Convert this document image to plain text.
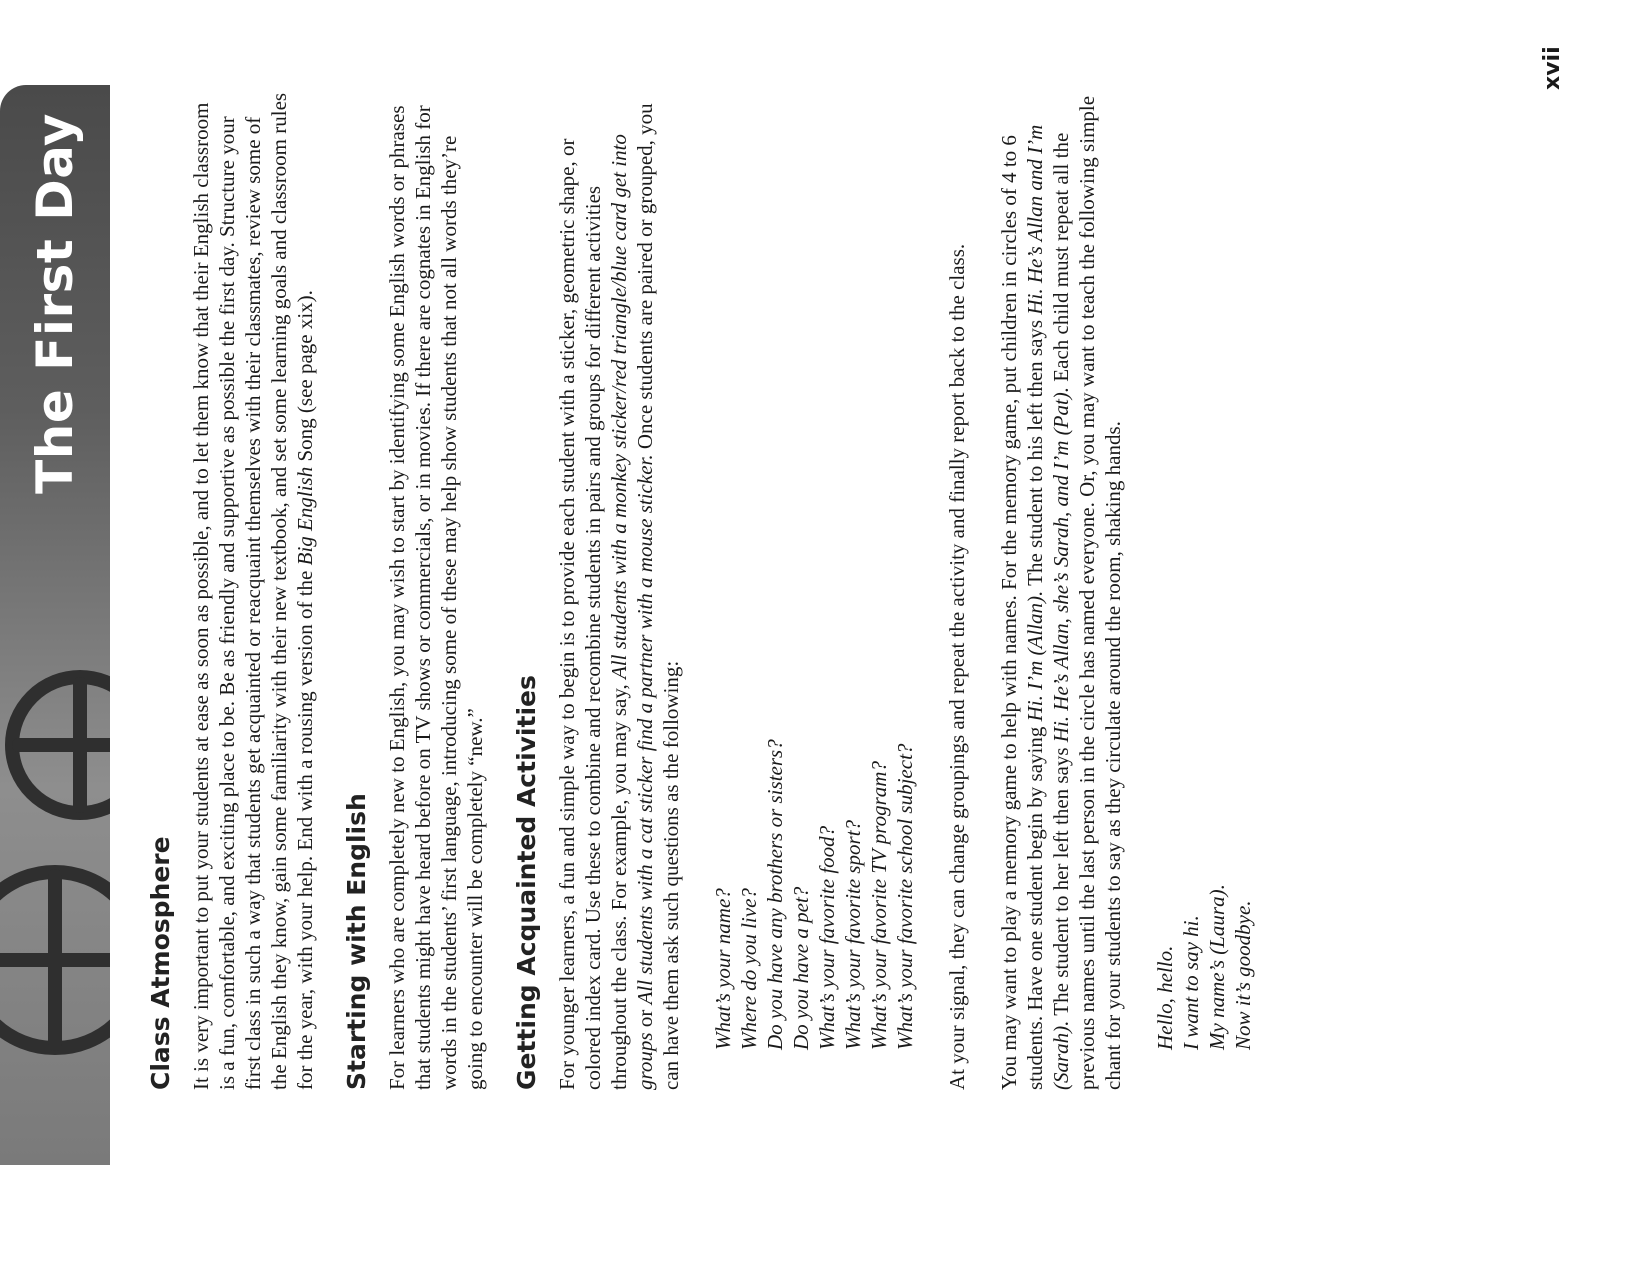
The First Day
Class Atmosphere It is very important to put your students at ease as soon as possible, and to let them know that their English classroom is a fun, comfortable, and exciting place to be. Be as friendly and supportive as possible the first day. Structure your first class in such a way that students get acquainted or reacquaint themselves with their classmates, review some of the English they know, gain some familiarity with their new textbook, and set some learning goals and classroom rules for the year, with your help. End with a rousing version of the Big English Song (see page xix).

Starting with English For learners who are completely new to English, you may wish to start by identifying some English words or phrases that students might have heard before on TV shows or commercials, or in movies. If there are cognates in English for words in the students’ first language, introducing some of these may help show students that not all words they’re going to encounter will be completely “new.” Getting Acquainted Activities For younger learners, a fun and simple way to begin is to provide each student with a sticker, geometric shape, or colored index card. Use these to combine and recombine students in pairs and groups for different activities throughout the class. For example, you may say, All students with a monkey sticker/red triangle/blue card get into groups or All students with a cat sticker find a partner with a mouse sticker. Once students are paired or grouped, you can have them ask such questions as the following: What’s your name? Where do you live? Do you have any brothers or sisters? Do you have a pet? What’s your favorite food? What’s your favorite sport? What’s your favorite TV program? What’s your favorite school subject? At your signal, they can change groupings and repeat the activity and finally report back to the class. You may want to play a memory game to help with names. For the memory game, put children in circles of 4 to 6 students. Have one student begin by saying Hi. I’m (Allan). The student to his left then says Hi. He’s Allan and I’m (Sarah). The student to her left then says Hi. He’s Allan, she’s Sarah, and I’m (Pat). Each child must repeat all the previous names until the last person in the circle has named everyone. Or, you may want to teach the following simple chant for your students to say as they circulate around the room, shaking hands. Hello, hello. I want to say hi. My name’s (Laura). Now it’s goodbye.
xvii
